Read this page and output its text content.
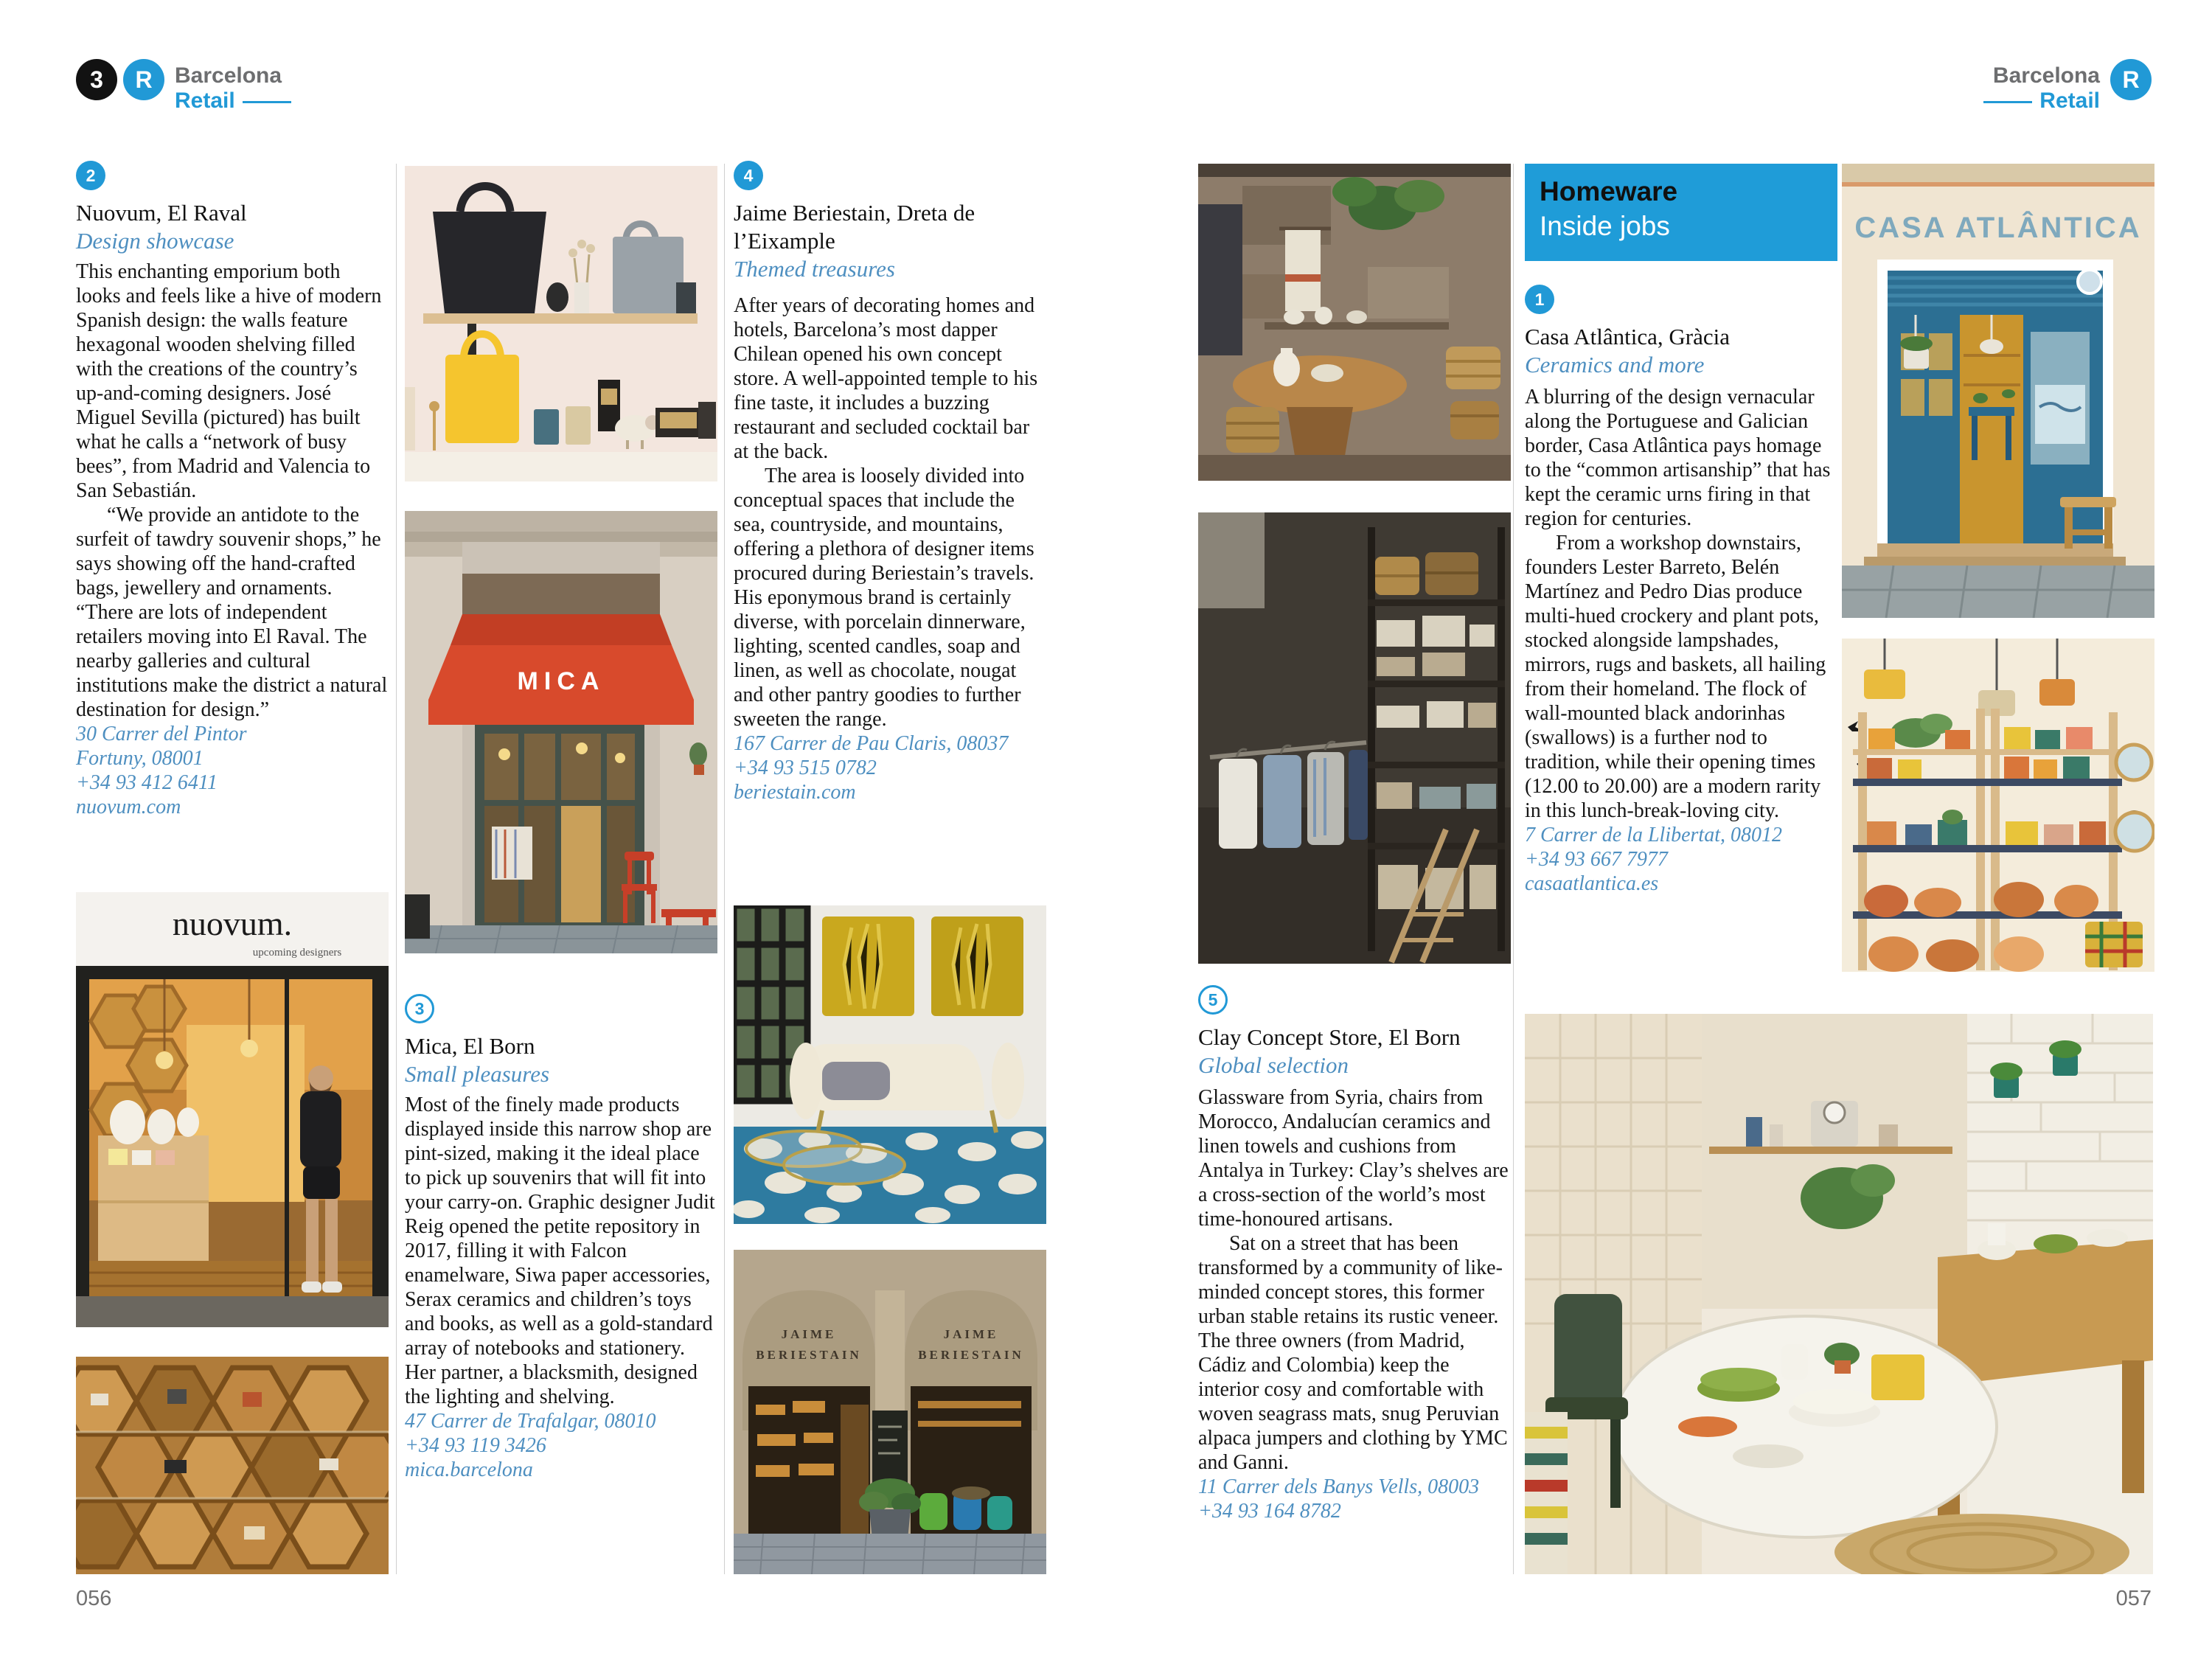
3 R Barcelona
Retail
Barcelona
Retail
R
2
Nuovum, El Raval
Design showcase

This enchanting emporium both looks and feels like a hive of modern Spanish design: the walls feature hexagonal wooden shelving filled with the creations of the country’s up-and-coming designers. José Miguel Sevilla (pictured) has built what he calls a “network of busy bees”, from Madrid and Valencia to San Sebastián.

“We provide an antidote to the surfeit of tawdry souvenir shops,” he says showing off the hand-crafted bags, jewellery and ornaments. “There are lots of independent retailers moving into El Raval. The nearby galleries and cultural institutions make the district a natural destination for design.”

30 Carrer del Pintor
Fortuny, 08001
+34 93 412 6411
nuovum.com
nuovum.
upcoming designers
056
MICA
3
Mica, El Born
Small pleasures

Most of the finely made products displayed inside this narrow shop are pint-sized, making it the ideal place to pick up souvenirs that will fit into your carry-on. Graphic designer Judit Reig opened the petite repository in 2017, filling it with Falcon enamelware, Siwa paper accessories, Serax ceramics and children’s toys and books, as well as a gold-standard array of notebooks and stationery. Her partner, a blacksmith, designed the lighting and shelving.

47 Carrer de Trafalgar, 08010
+34 93 119 3426
mica.barcelona
4
Jaime Beriestain, Dreta de l’Eixample
Themed treasures

After years of decorating homes and hotels, Barcelona’s most dapper Chilean opened his own concept store. A well-appointed temple to his fine taste, it includes a buzzing restaurant and secluded cocktail bar at the back.

The area is loosely divided into conceptual spaces that include the sea, countryside, and mountains, offering a plethora of designer items procured during Beriestain’s travels. His eponymous brand is certainly diverse, with porcelain dinnerware, lighting, scented candles, soap and linen, as well as chocolate, nougat and other pantry goodies to further sweeten the range.

167 Carrer de Pau Claris, 08037
+34 93 515 0782
beriestain.com
JAIME
BERIESTAIN
JAIME
BERIESTAIN
5
Clay Concept Store, El Born
Global selection

Glassware from Syria, chairs from Morocco, Andalucían ceramics and linen towels and cushions from Antalya in Turkey: Clay’s shelves are a cross-section of the world’s most time-honoured artisans.

Sat on a street that has been transformed by a community of like-minded concept stores, this former urban stable retains its rustic veneer. The three owners (from Madrid, Cádiz and Colombia) keep the interior cosy and comfortable with woven seagrass mats, snug Peruvian alpaca jumpers and clothing by YMC and Ganni.

11 Carrer dels Banys Vells, 08003
+34 93 164 8782
Homeware
Inside jobs
1
Casa Atlântica, Gràcia
Ceramics and more

A blurring of the design vernacular along the Portuguese and Galician border, Casa Atlântica pays homage to the “common artisanship” that has kept the ceramic urns firing in that region for centuries.

From a workshop downstairs, founders Lester Barreto, Belén Martínez and Pedro Dias produce multi-hued crockery and plant pots, stocked alongside lampshades, mirrors, rugs and baskets, all hailing from their homeland. The flock of wall-mounted black andorinhas (swallows) is a further nod to tradition, while their opening times (12.00 to 20.00) are a modern rarity in this lunch-break-loving city.

7 Carrer de la Llibertat, 08012
+34 93 667 7977
casaatlantica.es
CASA ATLÂNTICA
057
